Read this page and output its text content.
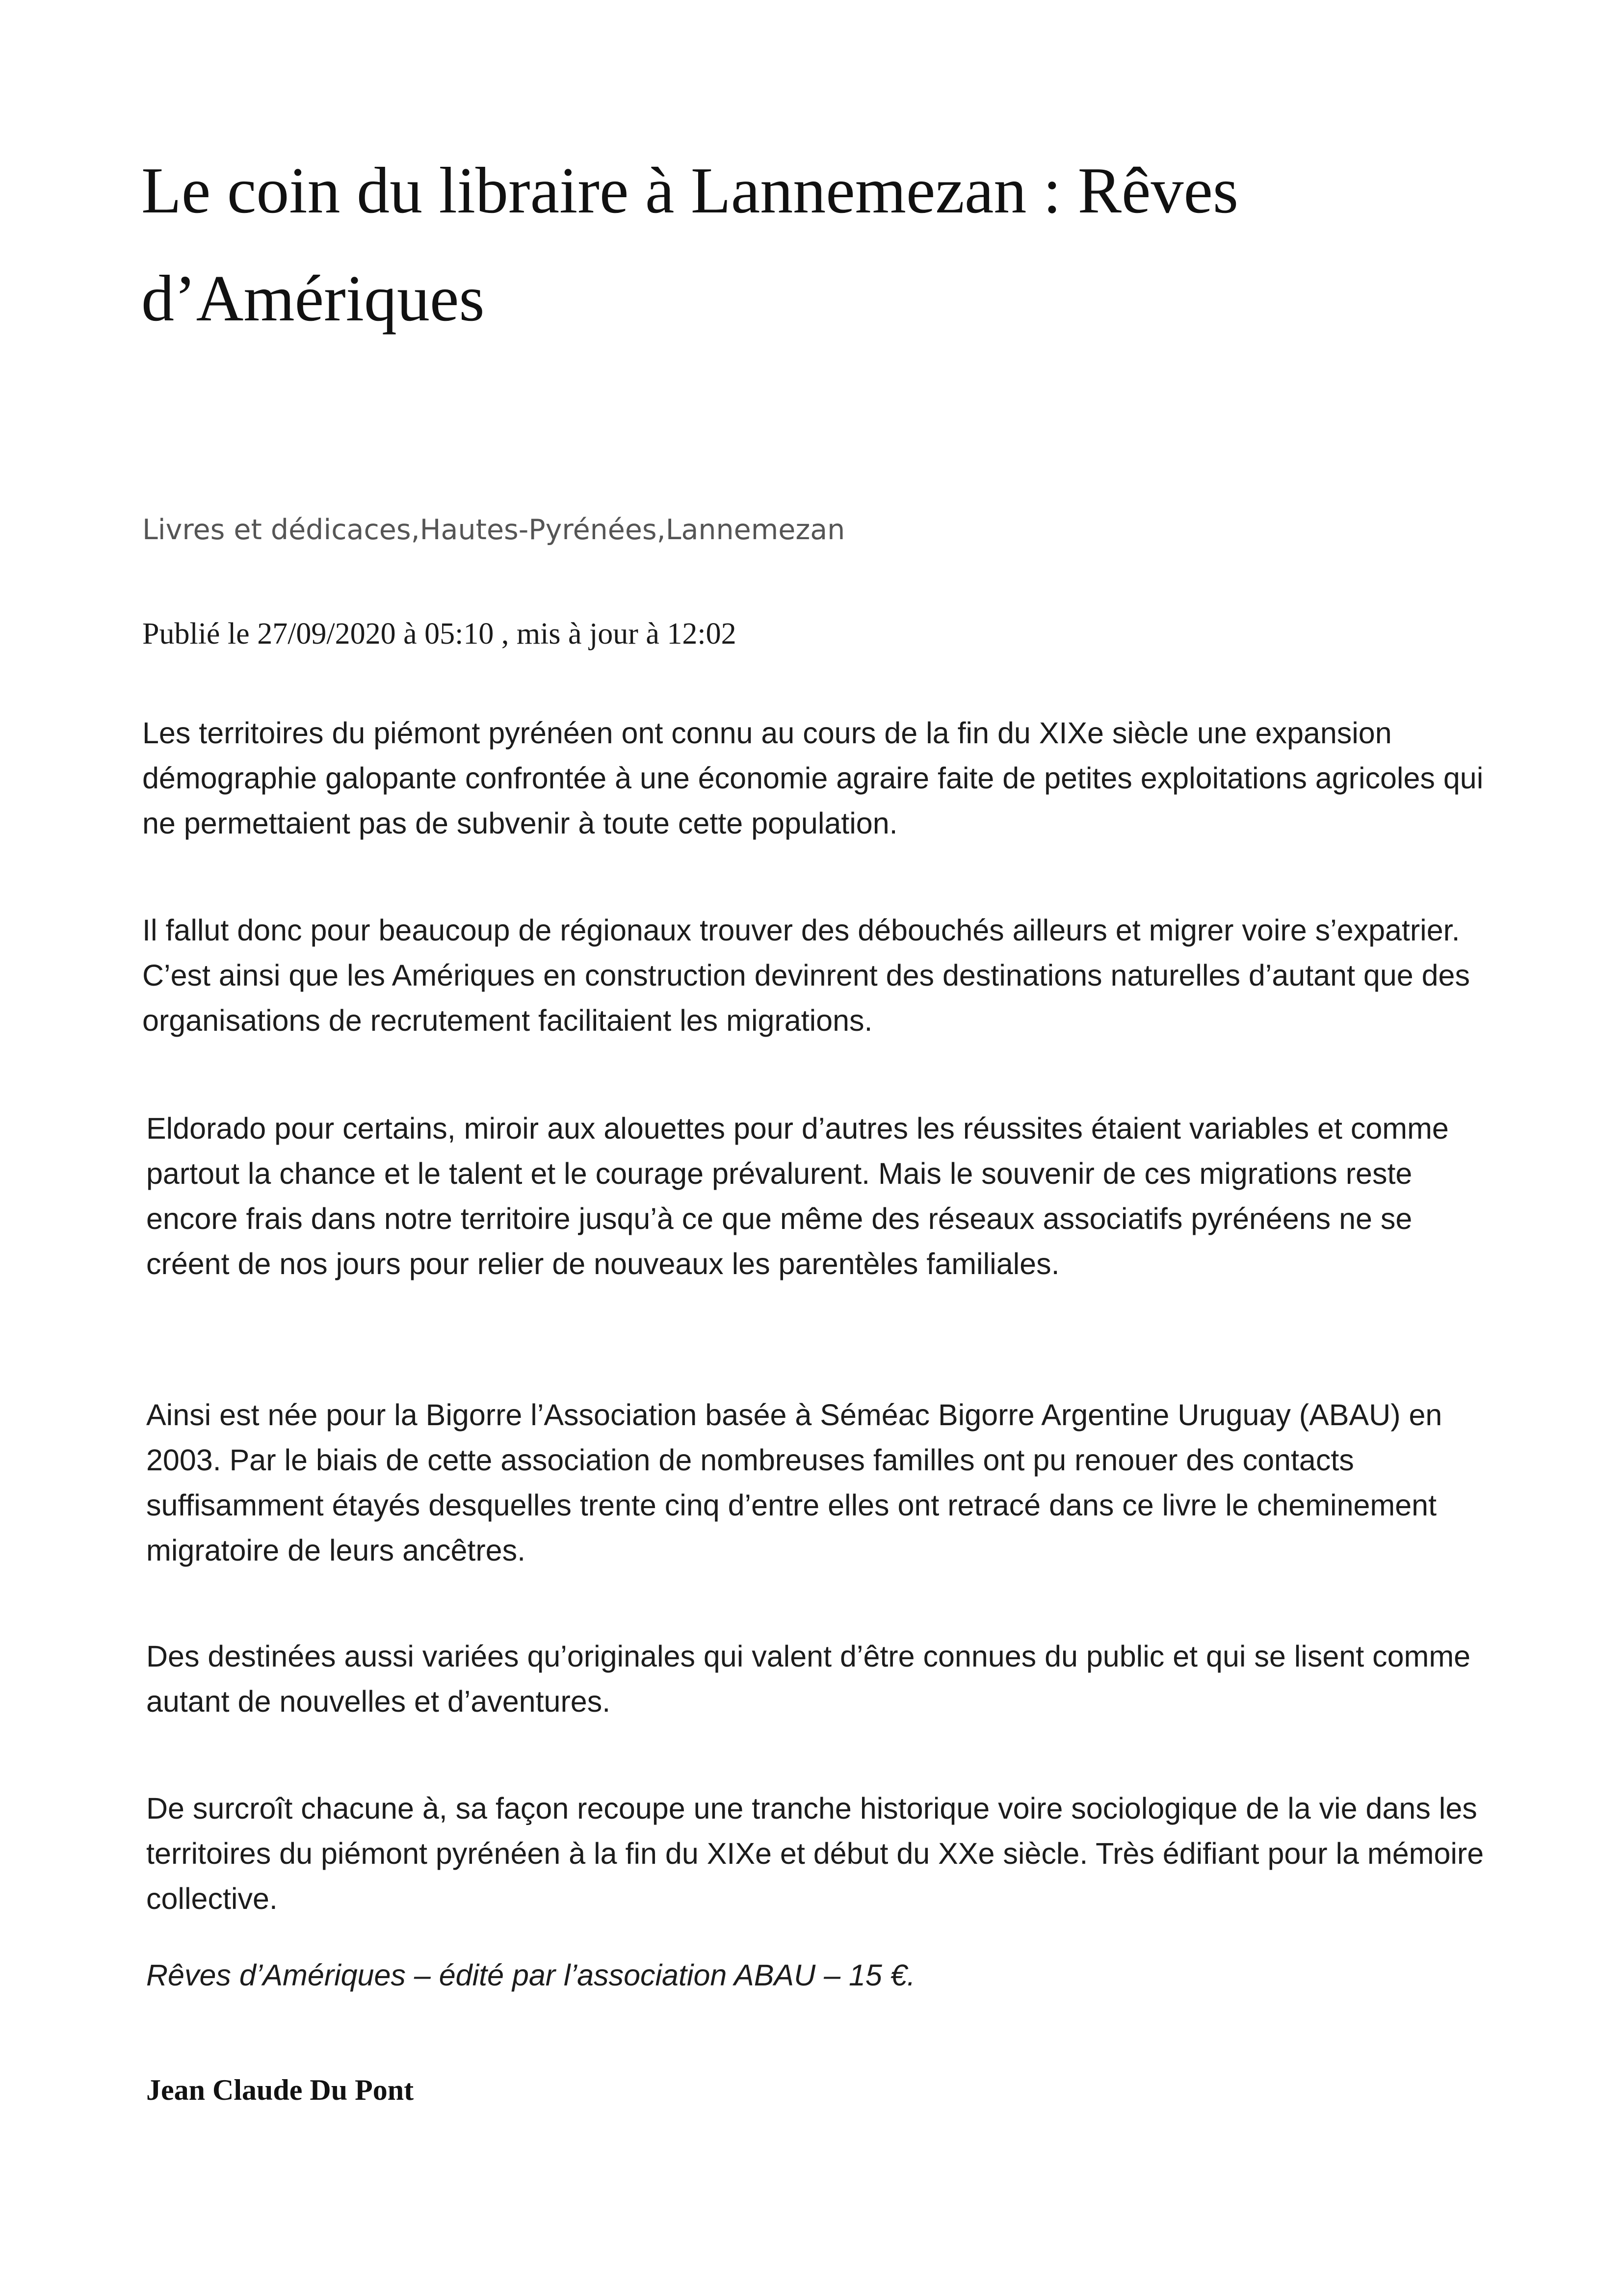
Le coin du libraire à Lannemezan : Rêves d’Amériques

Livres et dédicaces,Hautes-Pyrénées,Lannemezan

Publié le 27/09/2020 à 05:10 , mis à jour à 12:02

Les territoires du piémont pyrénéen ont connu au cours de la fin du XIXe siècle une expansion démographie galopante confrontée à une économie agraire faite de petites exploitations agricoles qui ne permettaient pas de subvenir à toute cette population.

Il fallut donc pour beaucoup de régionaux trouver des débouchés ailleurs et migrer voire s’expatrier. C’est ainsi que les Amériques en construction devinrent des destinations naturelles d’autant que des organisations de recrutement facilitaient les migrations.

Eldorado pour certains, miroir aux alouettes pour d’autres les réussites étaient variables et comme partout la chance et le talent et le courage prévalurent. Mais le souvenir de ces migrations reste encore frais dans notre territoire jusqu’à ce que même des réseaux associatifs pyrénéens ne se créent de nos jours pour relier de nouveaux les parentèles familiales.

Ainsi est née pour la Bigorre l’Association basée à Séméac Bigorre Argentine Uruguay (ABAU) en 2003. Par le biais de cette association de nombreuses familles ont pu renouer des contacts suffisamment étayés desquelles trente cinq d’entre elles ont retracé dans ce livre le cheminement migratoire de leurs ancêtres.

Des destinées aussi variées qu’originales qui valent d’être connues du public et qui se lisent comme autant de nouvelles et d’aventures.

De surcroît chacune à, sa façon recoupe une tranche historique voire sociologique de la vie dans les territoires du piémont pyrénéen à la fin du XIXe et début du XXe siècle. Très édifiant pour la mémoire collective.

Rêves d’Amériques – édité par l’association ABAU – 15 €.

Jean Claude Du Pont
